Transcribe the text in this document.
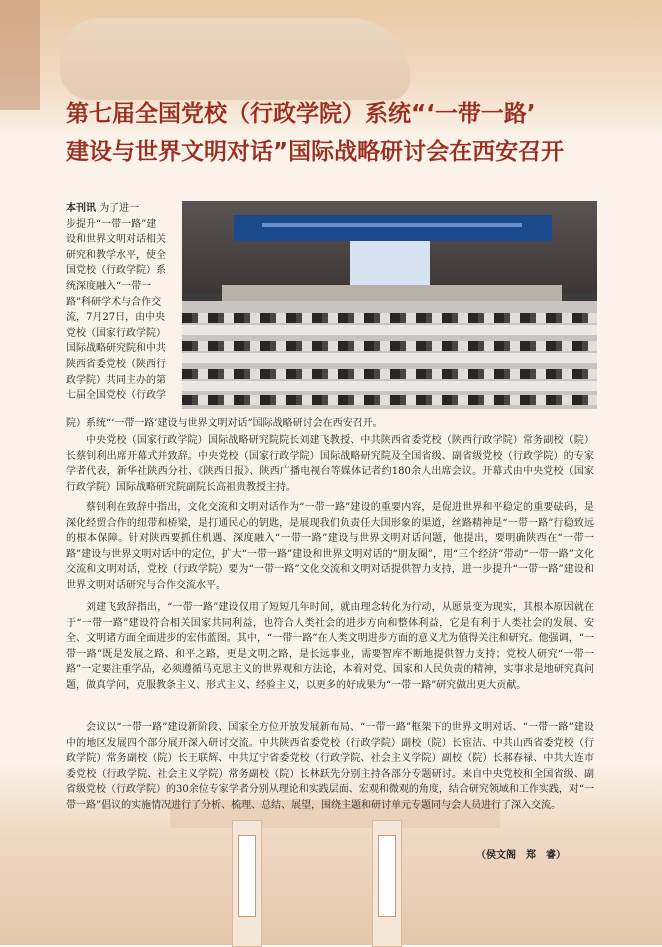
第七届全国党校（行政学院）系统“‘一带一路’
建设与世界文明对话”国际战略研讨会在西安召开

本刊讯 为了进一

步提升“一带一路”建

设和世界文明对话相关

研究和教学水平，使全

国党校（行政学院）系

统深度融入“一带一

路”科研学术与合作交

流，7月27日，由中央

党校（国家行政学院）

国际战略研究院和中共

陕西省委党校（陕西行

政学院）共同主办的第

七届全国党校（行政学

院）系统“‘一带一路’建设与世界文明对话”国际战略研讨会在西安召开。

中央党校（国家行政学院）国际战略研究院院长刘建飞教授、中共陕西省委党校（陕西行政学院）常务副校（院）长蔡钊利出席开幕式并致辞。中央党校（国家行政学院）国际战略研究院及全国省级、副省级党校（行政学院）的专家学者代表，新华社陕西分社、《陕西日报》、陕西广播电视台等媒体记者约180余人出席会议。开幕式由中央党校（国家行政学院）国际战略研究院副院长高祖贵教授主持。

蔡钊利在致辞中指出，文化交流和文明对话作为“一带一路”建设的重要内容，是促进世界和平稳定的重要砝码，是深化经贸合作的纽带和桥梁，是打通民心的钥匙，是展现我们负责任大国形象的渠道，丝路精神是“一带一路”行稳致远的根本保障。针对陕西要抓住机遇、深度融入“一带一路”建设与世界文明对话问题，他提出，要明确陕西在“一带一路”建设与世界文明对话中的定位，扩大“一带一路”建设和世界文明对话的“朋友圈”，用“三个经济”带动“一带一路”文化交流和文明对话，党校（行政学院）要为“一带一路”文化交流和文明对话提供智力支持，进一步提升“一带一路”建设和世界文明对话研究与合作交流水平。

刘建飞致辞指出，“一带一路”建设仅用了短短几年时间，就由理念转化为行动，从愿景变为现实，其根本原因就在于“一带一路”建设符合相关国家共同利益，也符合人类社会的进步方向和整体利益，它是有利于人类社会的发展、安全、文明诸方面全面进步的宏伟蓝图。其中，“一带一路”在人类文明进步方面的意义尤为值得关注和研究。他强调，“一带一路”既是发展之路、和平之路，更是文明之路，是长远事业，需要智库不断地提供智力支持；党校人研究“一带一路”一定要注重学品，必须遵循马克思主义的世界观和方法论，本着对党、国家和人民负责的精神，实事求是地研究真问题，做真学问，克服教条主义、形式主义、经验主义，以更多的好成果为“一带一路”研究做出更大贡献。

会议以“一带一路”建设新阶段、国家全方位开放发展新布局、“一带一路”框架下的世界文明对话、“一带一路”建设中的地区发展四个部分展开深入研讨交流。中共陕西省委党校（行政学院）副校（院）长宦洁、中共山西省委党校（行政学院）常务副校（院）长王联辉、中共辽宁省委党校（行政学院、社会主义学院）副校（院）长郝春禄、中共大连市委党校（行政学院、社会主义学院）常务副校（院）长林跃先分别主持各部分专题研讨。来自中央党校和全国省级、副省级党校（行政学院）的30余位专家学者分别从理论和实践层面、宏观和微观的角度，结合研究领域和工作实践，对“一带一路”倡议的实施情况进行了分析、梳理、总结、展望，围绕主题和研讨单元专题同与会人员进行了深入交流。

（侯文阁　郑　睿）
